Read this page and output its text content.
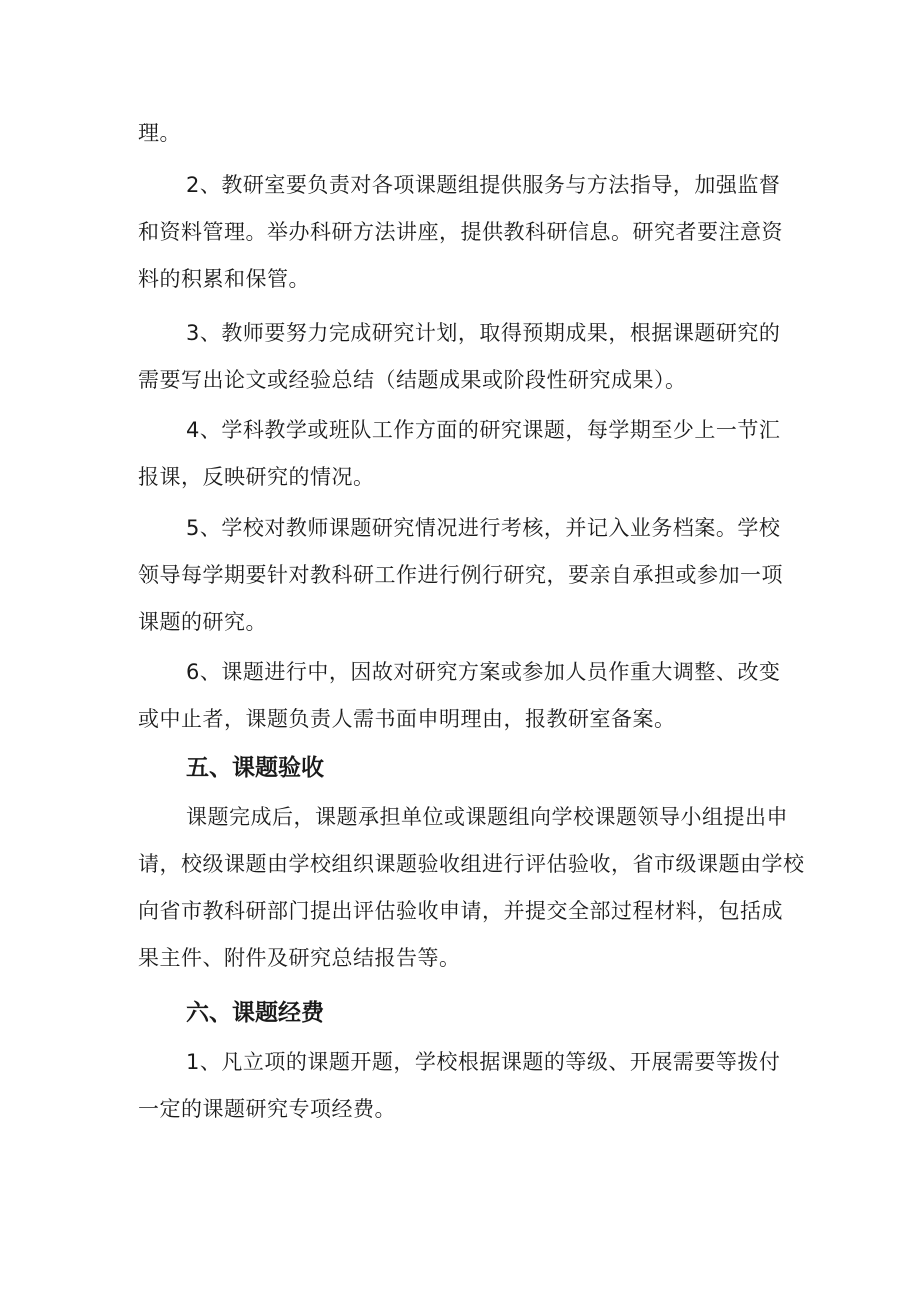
理。

2、教研室要负责对各项课题组提供服务与方法指导，加强监督

和资料管理。举办科研方法讲座，提供教科研信息。研究者要注意资

料的积累和保管。

3、教师要努力完成研究计划，取得预期成果，根据课题研究的

需要写出论文或经验总结（结题成果或阶段性研究成果）。

4、学科教学或班队工作方面的研究课题，每学期至少上一节汇

报课，反映研究的情况。

5、学校对教师课题研究情况进行考核，并记入业务档案。学校

领导每学期要针对教科研工作进行例行研究，要亲自承担或参加一项

课题的研究。

6、课题进行中，因故对研究方案或参加人员作重大调整、改变

或中止者，课题负责人需书面申明理由，报教研室备案。

五、课题验收

课题完成后，课题承担单位或课题组向学校课题领导小组提出申

请，校级课题由学校组织课题验收组进行评估验收，省市级课题由学校

向省市教科研部门提出评估验收申请，并提交全部过程材料，包括成

果主件、附件及研究总结报告等。

六、课题经费

1、凡立项的课题开题，学校根据课题的等级、开展需要等拨付

一定的课题研究专项经费。
